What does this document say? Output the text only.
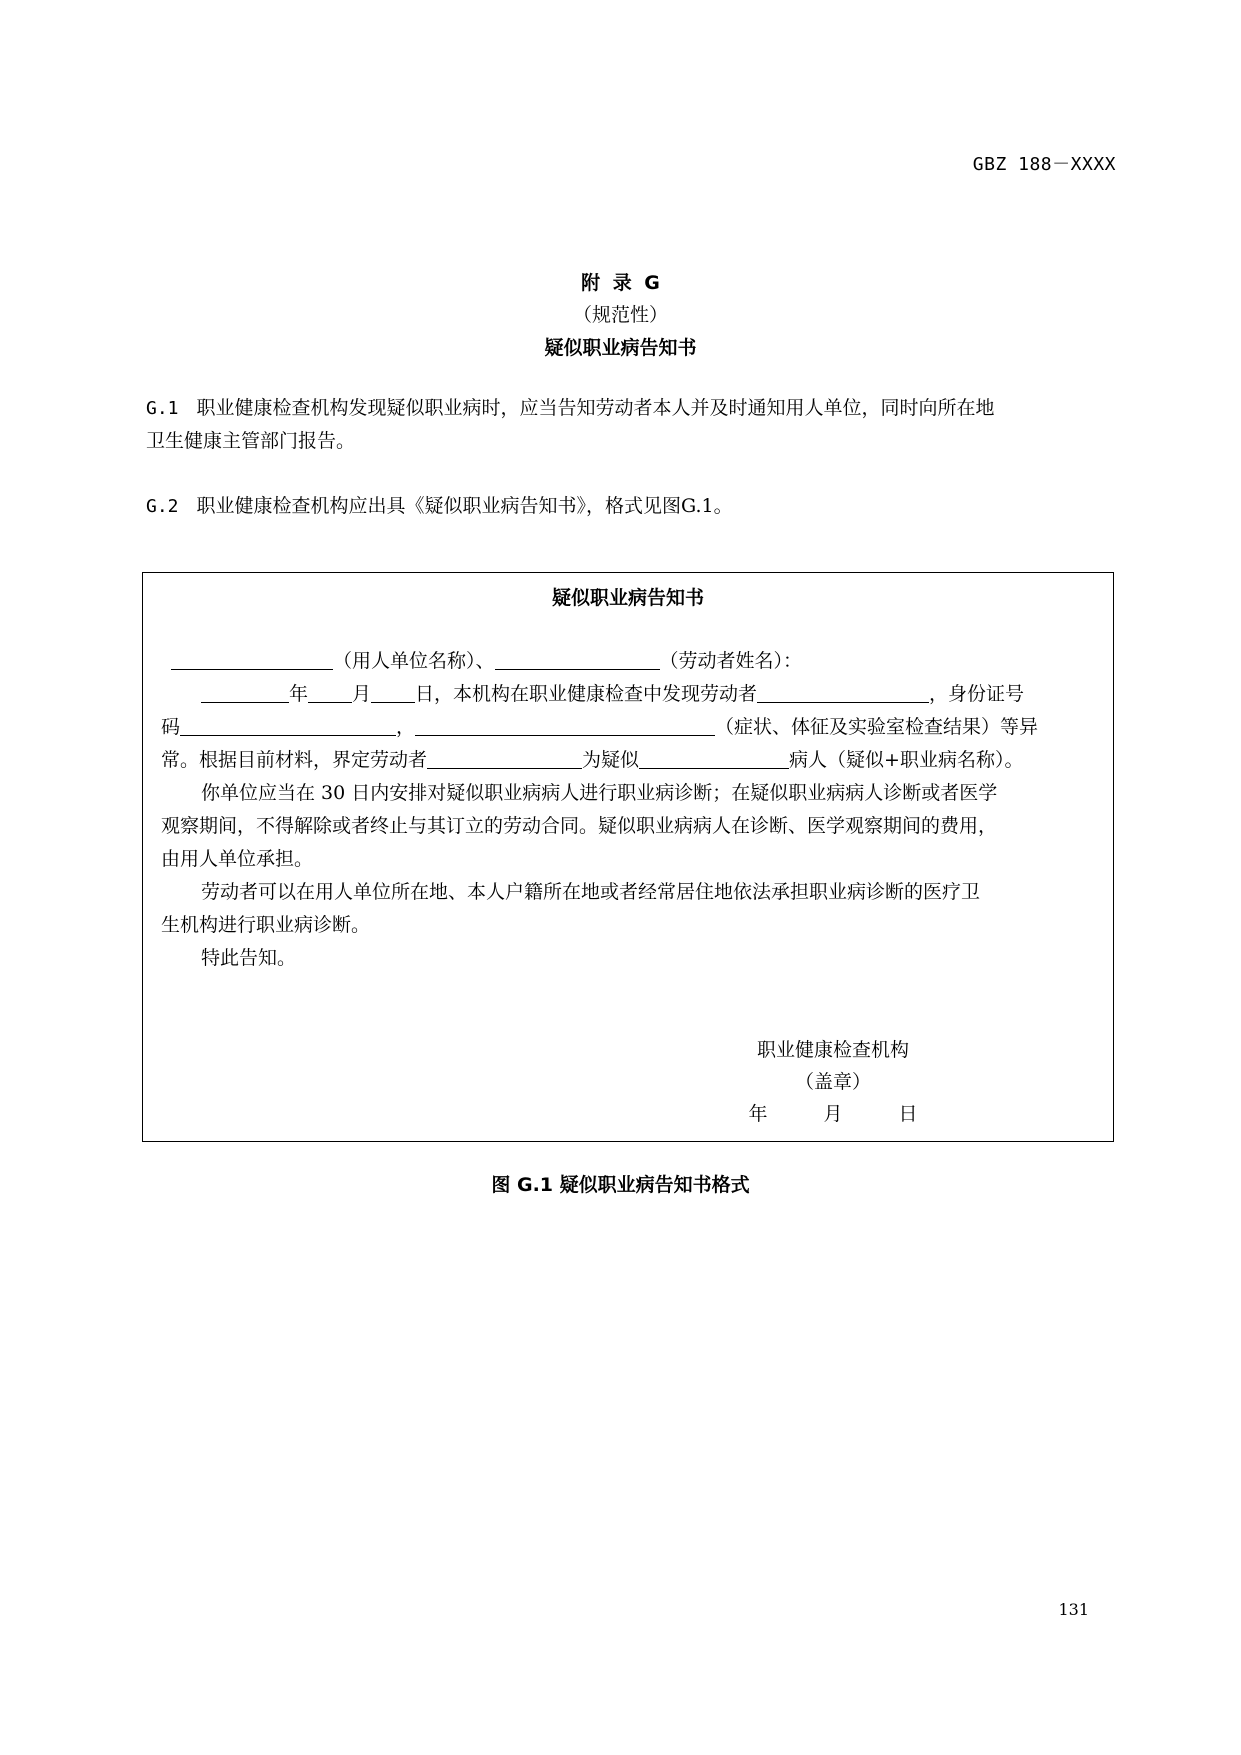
GBZ 188－XXXX
附 录 G
（规范性）
疑似职业病告知书
G.1 职业健康检查机构发现疑似职业病时，应当告知劳动者本人并及时通知用人单位，同时向所在地
卫生健康主管部门报告。
G.2 职业健康检查机构应出具《疑似职业病告知书》，格式见图G.1。
疑似职业病告知书
（用人单位名称）、	（劳动者姓名）：
年 月 日，本机构在职业健康检查中发现劳动者	，身份证号
码	，	（症状、体征及实验室检查结果）等异
常。根据目前材料，界定劳动者	为疑似	病人（疑似+职业病名称）。
你单位应当在 30 日内安排对疑似职业病病人进行职业病诊断；在疑似职业病病人诊断或者医学
观察期间，不得解除或者终止与其订立的劳动合同。疑似职业病病人在诊断、医学观察期间的费用，
由用人单位承担。
劳动者可以在用人单位所在地、本人户籍所在地或者经常居住地依法承担职业病诊断的医疗卫
生机构进行职业病诊断。
特此告知。
职业健康检查机构
（盖章）
年 月 日
图 G.1 疑似职业病告知书格式
131
